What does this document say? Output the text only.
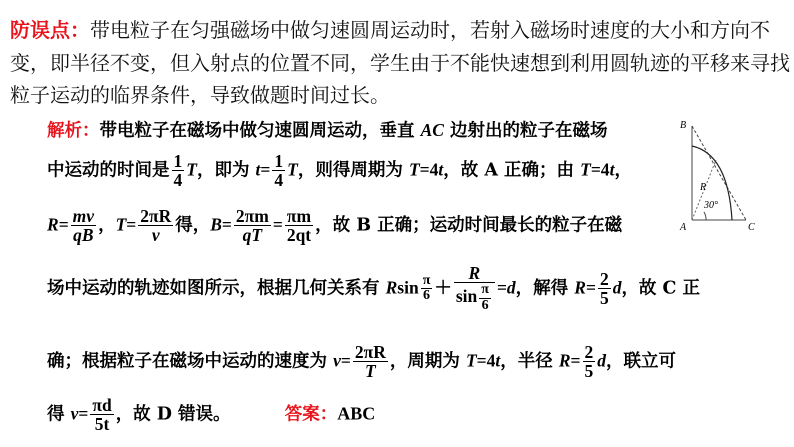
防误点：带电粒子在匀强磁场中做匀速圆周运动时，若射入磁场时速度的大小和方向不变，即半径不变，但入射点的位置不同，学生由于不能快速想到利用圆轨迹的平移来寻找粒子运动的临界条件，导致做题时间过长。
解析：带电粒子在磁场中做匀速圆周运动，垂直 AC 边射出的粒子在磁场
中运动的时间是 $\frac{1}{4}$ T，即为 $t= \frac{1}{4}$ T，则得周期为 T=4t，故 A 正确；由 T=4t，
$R= \frac{mv}{qB}$ ，$T= \frac{2\pi R}{v}$ 得，$B= \frac{2\pi m}{qT} = \frac{\pi m}{2qt}$ ，故 B 正确；运动时间最长的粒子在磁
场中运动的轨迹如图所示，根据几何关系有 Rsin $\frac{\pi}{6} + \frac{R}{\sin \frac{\pi}{6}} =d$，解得 $R= \frac{2}{5}$ d，故 C 正
确；根据粒子在磁场中运动的速度为 $v= \frac{2\pi R}{T}$ ，周期为 T=4t，半径 $R= \frac{2}{5}$ d，联立可
得 $v= \frac{\pi d}{5t}$ ，故 D 错误。	答案：ABC
B
A	C
R
30°
